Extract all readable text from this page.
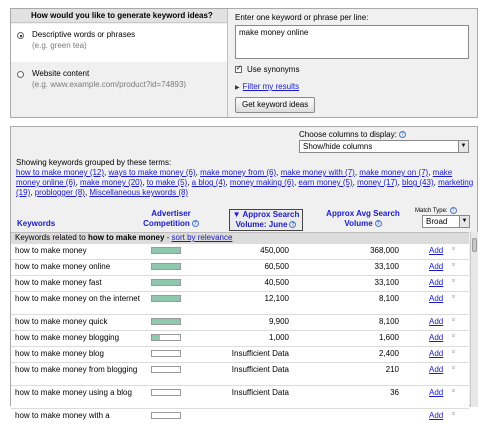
How would you like to generate keyword ideas?
Descriptive words or phrases
(e.g. green tea)
Website content
(e.g. www.example.com/product?id=74893)
Enter one keyword or phrase per line:
make money online
✓
Use synonyms
▶ Filter my results
Get keyword ideas
Choose columns to display: ?
Show/hide columns	▼
Showing keywords grouped by these terms:
how to make money (12), ways to make money (6), make money from (6), make money with (7), make money on (7), make money online (6), make money (20), to make (5), a blog (4), money making (6), earn money (5), money (17), blog (43), marketing (19), problogger (8), Miscellaneous keywords (8)
Keywords
Advertiser Competition ?
▼ Approx Search Volume: June ?
Approx Avg Search Volume ?
Match Type: ?
Broad	▼
Keywords related to how to make money - sort by relevance
how to make money	450,000	368,000	Add »
how to make money online	60,500	33,100	Add »
how to make money fast	40,500	33,100	Add »
how to make money on the internet	12,100	8,100	Add »
how to make money quick	9,900	8,100	Add »
how to make money blogging	1,000	1,600	Add »
how to make money blog	Insufficient Data	2,400	Add »
how to make money from blogging	Insufficient Data	210	Add »
how to make money using a blog	Insufficient Data	36	Add »
how to make money with a	Add »
